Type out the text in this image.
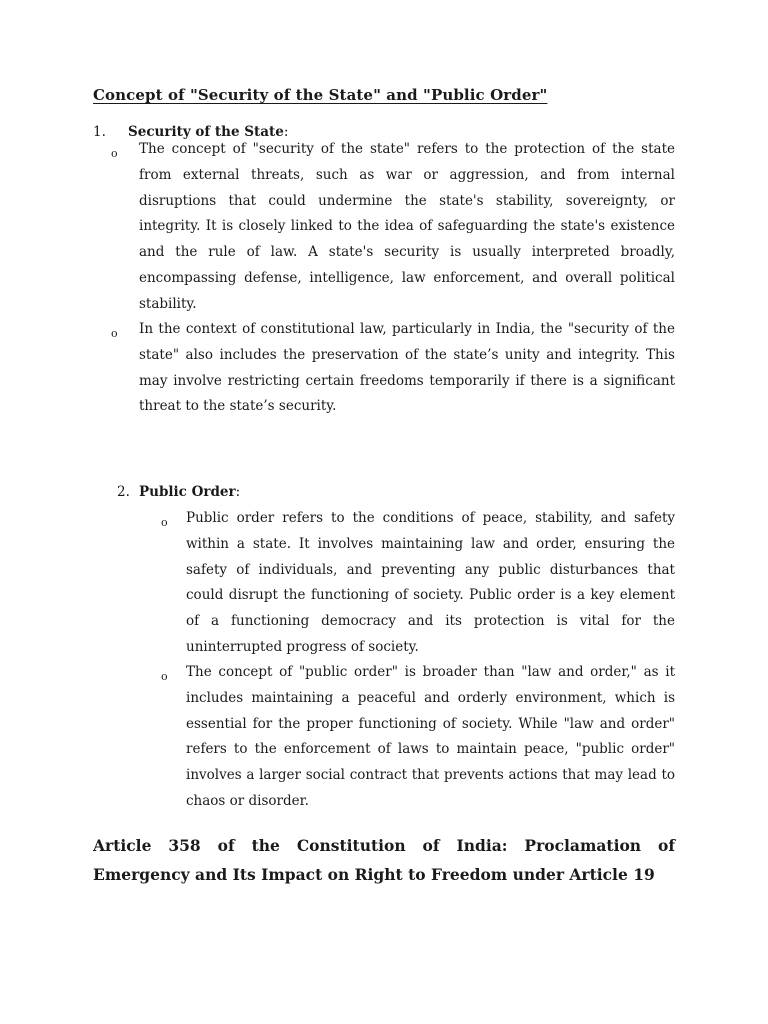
Concept of "Security of the State" and "Public Order"
1. Security of the State:
o The concept of "security of the state" refers to the protection of the state from external threats, such as war or aggression, and from internal disruptions that could undermine the state's stability, sovereignty, or integrity. It is closely linked to the idea of safeguarding the state's existence and the rule of law. A state's security is usually interpreted broadly, encompassing defense, intelligence, law enforcement, and overall political stability.

o In the context of constitutional law, particularly in India, the "security of the state" also includes the preservation of the state’s unity and integrity. This may involve restricting certain freedoms temporarily if there is a significant threat to the state’s security.

2. Public Order:
o Public order refers to the conditions of peace, stability, and safety within a state. It involves maintaining law and order, ensuring the safety of individuals, and preventing any public disturbances that could disrupt the functioning of society. Public order is a key element of a functioning democracy and its protection is vital for the uninterrupted progress of society.

o The concept of "public order" is broader than "law and order," as it includes maintaining a peaceful and orderly environment, which is essential for the proper functioning of society. While "law and order" refers to the enforcement of laws to maintain peace, "public order" involves a larger social contract that prevents actions that may lead to chaos or disorder.

Article 358 of the Constitution of India: Proclamation of
Emergency and Its Impact on Right to Freedom under Article 19
